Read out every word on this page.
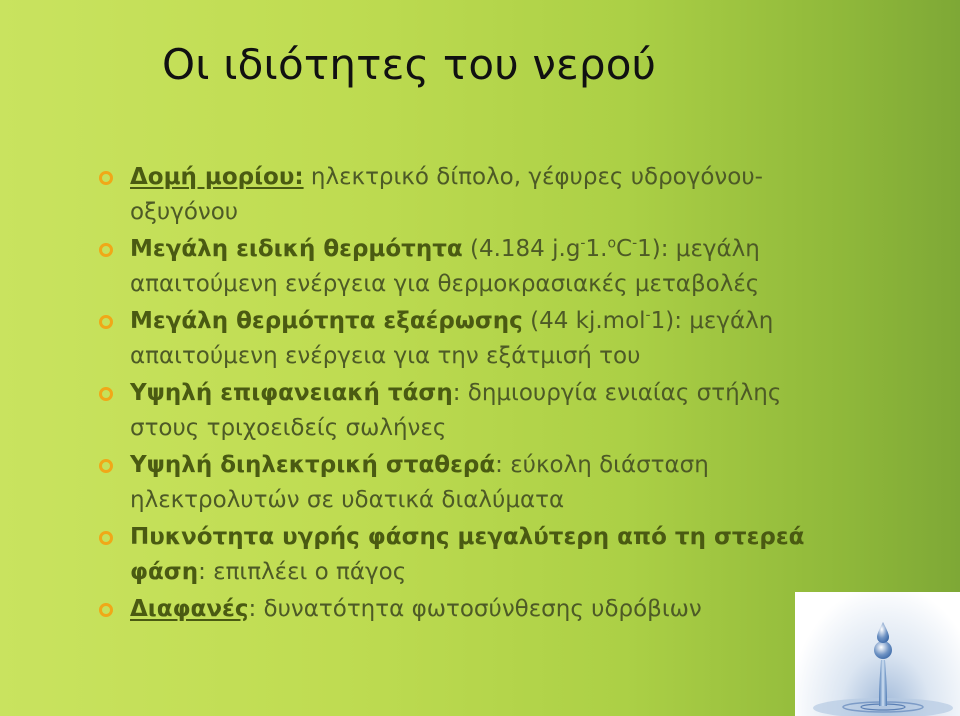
Οι ιδιότητες του νερού
Δομή μορίου: ηλεκτρικό δίπολο, γέφυρες υδρογόνου-οξυγόνου
Μεγάλη ειδική θερμότητα (4.184 j.g-1.$^o$C-1): μεγάλη απαιτούμενη ενέργεια για θερμοκρασιακές μεταβολές
Μεγάλη θερμότητα εξαέρωσης (44 kj.mol-1): μεγάλη απαιτούμενη ενέργεια για την εξάτμισή του
Υψηλή επιφανειακή τάση: δημιουργία ενιαίας στήλης στους τριχοειδείς σωλήνες
Υψηλή διηλεκτρική σταθερά: εύκολη διάσταση ηλεκτρολυτών σε υδατικά διαλύματα
Πυκνότητα υγρής φάσης μεγαλύτερη από τη στερεά φάση: επιπλέει ο πάγος
Διαφανές: δυνατότητα φωτοσύνθεσης υδρόβιων
